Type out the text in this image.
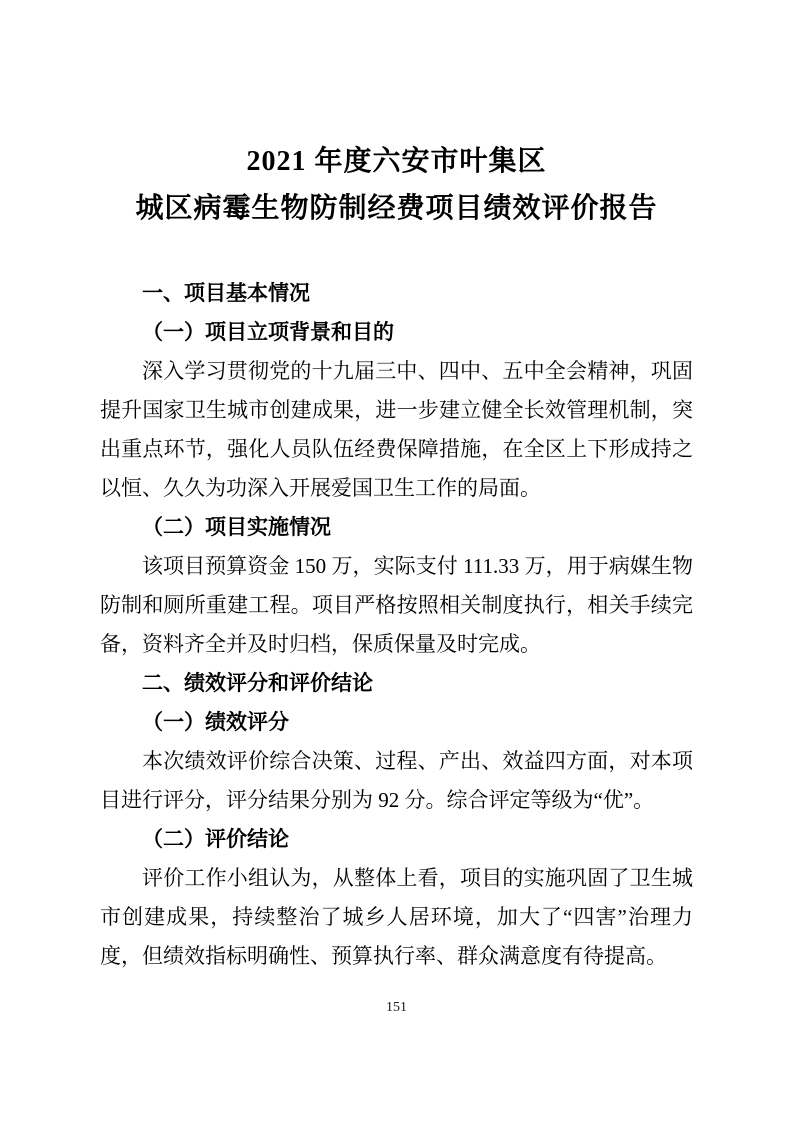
2021 年度六安市叶集区
城区病霉生物防制经费项目绩效评价报告
一、项目基本情况
（一）项目立项背景和目的

深入学习贯彻党的十九届三中、四中、五中全会精神，巩固提升国家卫生城市创建成果，进一步建立健全长效管理机制，突出重点环节，强化人员队伍经费保障措施，在全区上下形成持之以恒、久久为功深入开展爱国卫生工作的局面。

（二）项目实施情况

该项目预算资金 150 万，实际支付 111.33 万，用于病媒生物防制和厕所重建工程。项目严格按照相关制度执行，相关手续完备，资料齐全并及时归档，保质保量及时完成。

二、绩效评分和评价结论
（一）绩效评分

本次绩效评价综合决策、过程、产出、效益四方面，对本项目进行评分，评分结果分别为 92 分。综合评定等级为“优”。

（二）评价结论

评价工作小组认为，从整体上看，项目的实施巩固了卫生城市创建成果，持续整治了城乡人居环境，加大了“四害”治理力度，但绩效指标明确性、预算执行率、群众满意度有待提高。

151
